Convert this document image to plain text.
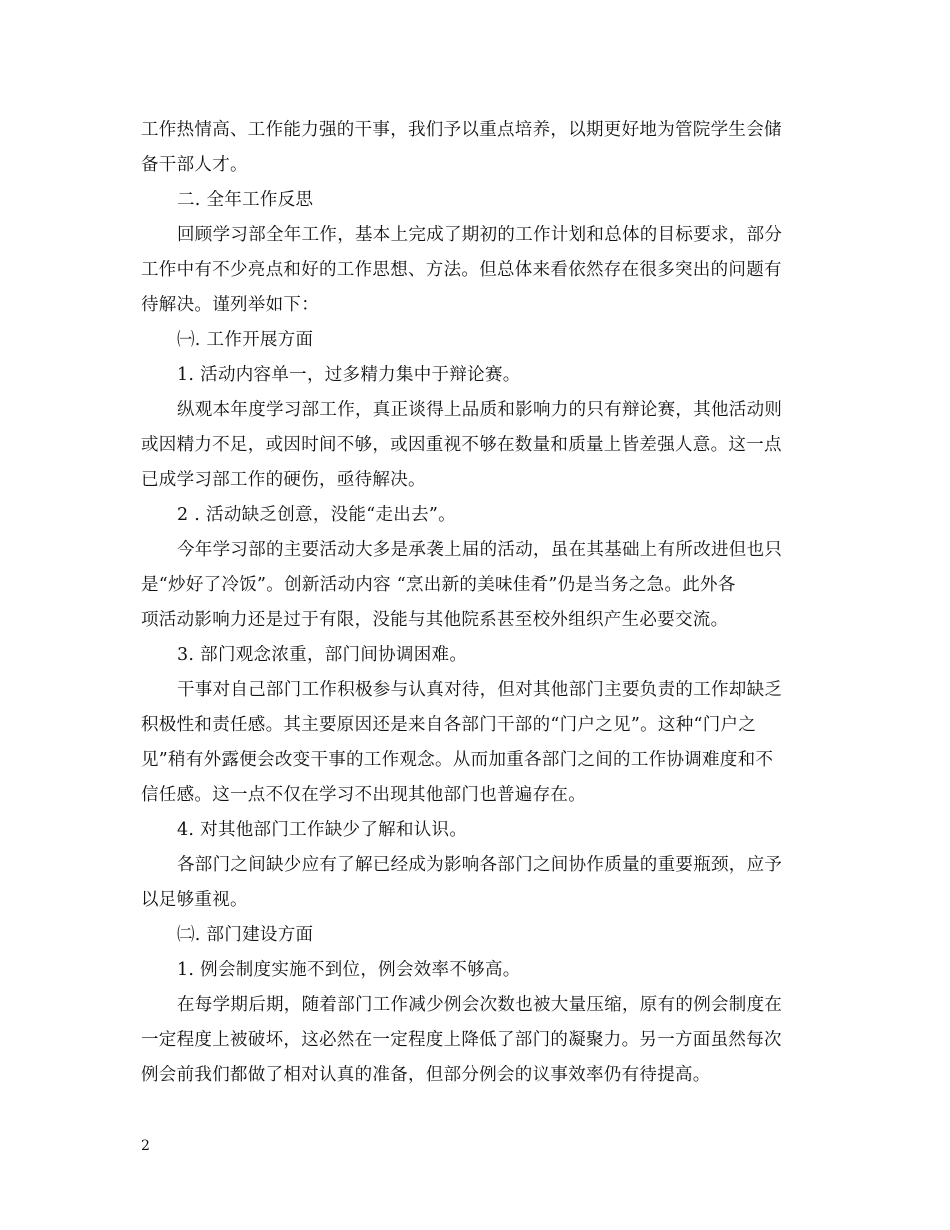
工作热情高、工作能力强的干事，我们予以重点培养，以期更好地为管院学生会储
备干部人才。
二. 全年工作反思
回顾学习部全年工作，基本上完成了期初的工作计划和总体的目标要求，部分
工作中有不少亮点和好的工作思想、方法。但总体来看依然存在很多突出的问题有
待解决。谨列举如下：
㈠. 工作开展方面
1. 活动内容单一，过多精力集中于辩论赛。
纵观本年度学习部工作，真正谈得上品质和影响力的只有辩论赛，其他活动则
或因精力不足，或因时间不够，或因重视不够在数量和质量上皆差强人意。这一点
已成学习部工作的硬伤，亟待解决。
2 . 活动缺乏创意，没能“走出去”。
今年学习部的主要活动大多是承袭上届的活动，虽在其基础上有所改进但也只
是“炒好了冷饭”。创新活动内容 “烹出新的美味佳肴”仍是当务之急。此外各
项活动影响力还是过于有限，没能与其他院系甚至校外组织产生必要交流。
3. 部门观念浓重，部门间协调困难。
干事对自己部门工作积极参与认真对待，但对其他部门主要负责的工作却缺乏
积极性和责任感。其主要原因还是来自各部门干部的“门户之见”。这种“门户之
见”稍有外露便会改变干事的工作观念。从而加重各部门之间的工作协调难度和不
信任感。这一点不仅在学习不出现其他部门也普遍存在。
4. 对其他部门工作缺少了解和认识。
各部门之间缺少应有了解已经成为影响各部门之间协作质量的重要瓶颈，应予
以足够重视。
㈡. 部门建设方面
1. 例会制度实施不到位，例会效率不够高。
在每学期后期，随着部门工作减少例会次数也被大量压缩，原有的例会制度在
一定程度上被破坏，这必然在一定程度上降低了部门的凝聚力。另一方面虽然每次
例会前我们都做了相对认真的准备，但部分例会的议事效率仍有待提高。
2
